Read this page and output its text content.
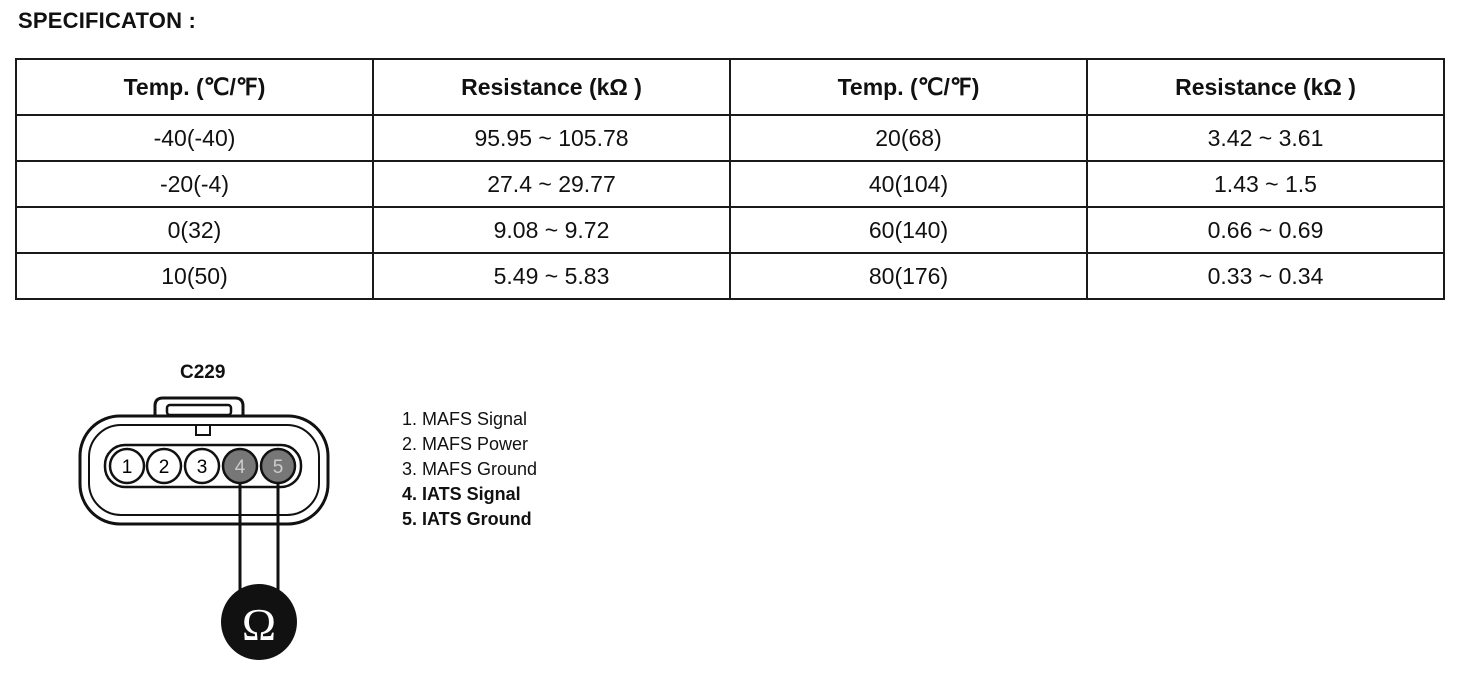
SPECIFICATON :
Temp. (℃/℉)	Resistance (kΩ )	Temp. (℃/℉)	Resistance (kΩ )
-40(-40)	95.95 ~ 105.78	20(68)	3.42 ~ 3.61
-20(-4)	27.4 ~ 29.77	40(104)	1.43 ~ 1.5
0(32)	9.08 ~ 9.72	60(140)	0.66 ~ 0.69
10(50)	5.49 ~ 5.83	80(176)	0.33 ~ 0.34
C229
1 2 3 4 5
Ω
1. MAFS Signal
2. MAFS Power
3. MAFS Ground
4. IATS Signal
5. IATS Ground
